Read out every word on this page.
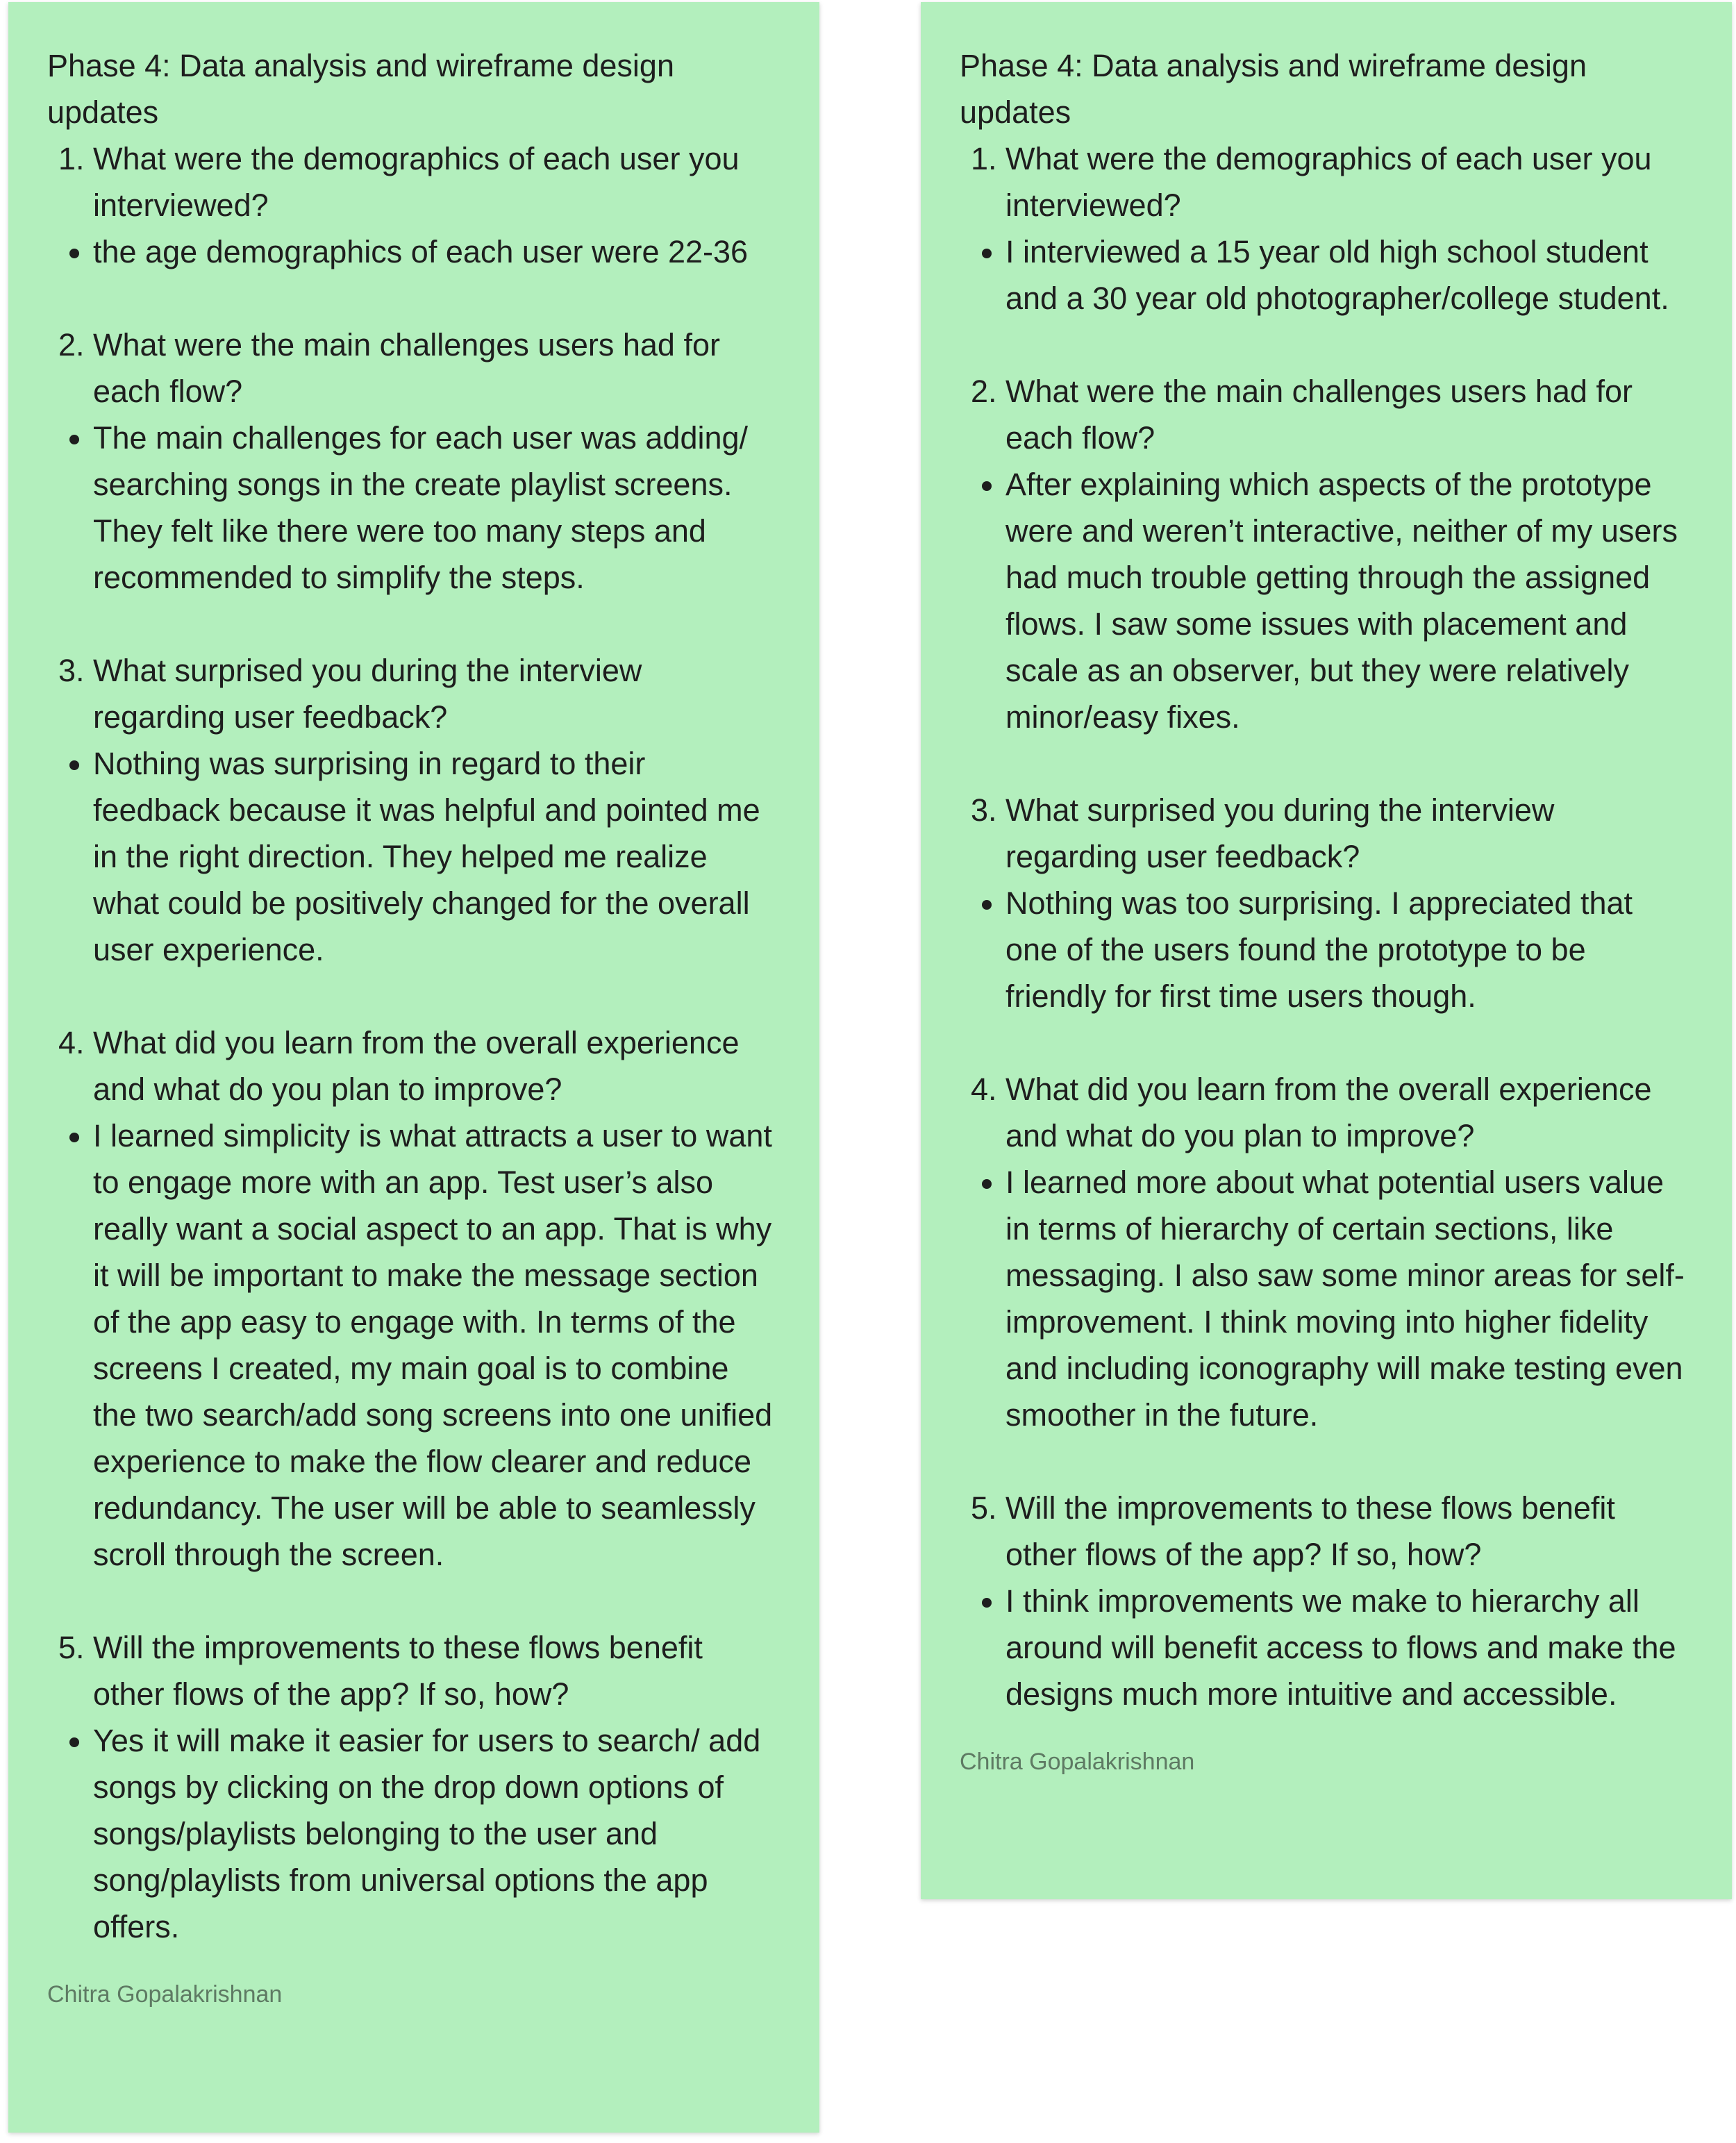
Phase 4: Data analysis and wireframe design updates

1. What were the demographics of each user you interviewed?
• the age demographics of each user were 22-36
2. What were the main challenges users had for each flow?
• The main challenges for each user was adding/ searching songs in the create playlist screens. They felt like there were too many steps and recommended to simplify the steps.
3. What surprised you during the interview regarding user feedback?
• Nothing was surprising in regard to their feedback because it was helpful and pointed me in the right direction. They helped me realize what could be positively changed for the overall user experience.
4. What did you learn from the overall experience and what do you plan to improve?
• I learned simplicity is what attracts a user to want to engage more with an app. Test user’s also really want a social aspect to an app. That is why it will be important to make the message section of the app easy to engage with. In terms of the screens I created, my main goal is to combine the two search/add song screens into one unified experience to make the flow clearer and reduce redundancy. The user will be able to seamlessly scroll through the screen.
5. Will the improvements to these flows benefit other flows of the app? If so, how?
• Yes it will make it easier for users to search/ add songs by clicking on the drop down options of songs/playlists belonging to the user and song/playlists from universal options the app offers.
Chitra Gopalakrishnan

Phase 4: Data analysis and wireframe design updates

1. What were the demographics of each user you interviewed?
• I interviewed a 15 year old high school student and a 30 year old photographer/college student.
2. What were the main challenges users had for each flow?
• After explaining which aspects of the prototype were and weren’t interactive, neither of my users had much trouble getting through the assigned flows. I saw some issues with placement and scale as an observer, but they were relatively minor/easy fixes.
3. What surprised you during the interview regarding user feedback?
• Nothing was too surprising. I appreciated that one of the users found the prototype to be friendly for first time users though.
4. What did you learn from the overall experience and what do you plan to improve?
• I learned more about what potential users value in terms of hierarchy of certain sections, like messaging. I also saw some minor areas for self-improvement. I think moving into higher fidelity and including iconography will make testing even smoother in the future.
5. Will the improvements to these flows benefit other flows of the app? If so, how?
• I think improvements we make to hierarchy all around will benefit access to flows and make the designs much more intuitive and accessible.
Chitra Gopalakrishnan
